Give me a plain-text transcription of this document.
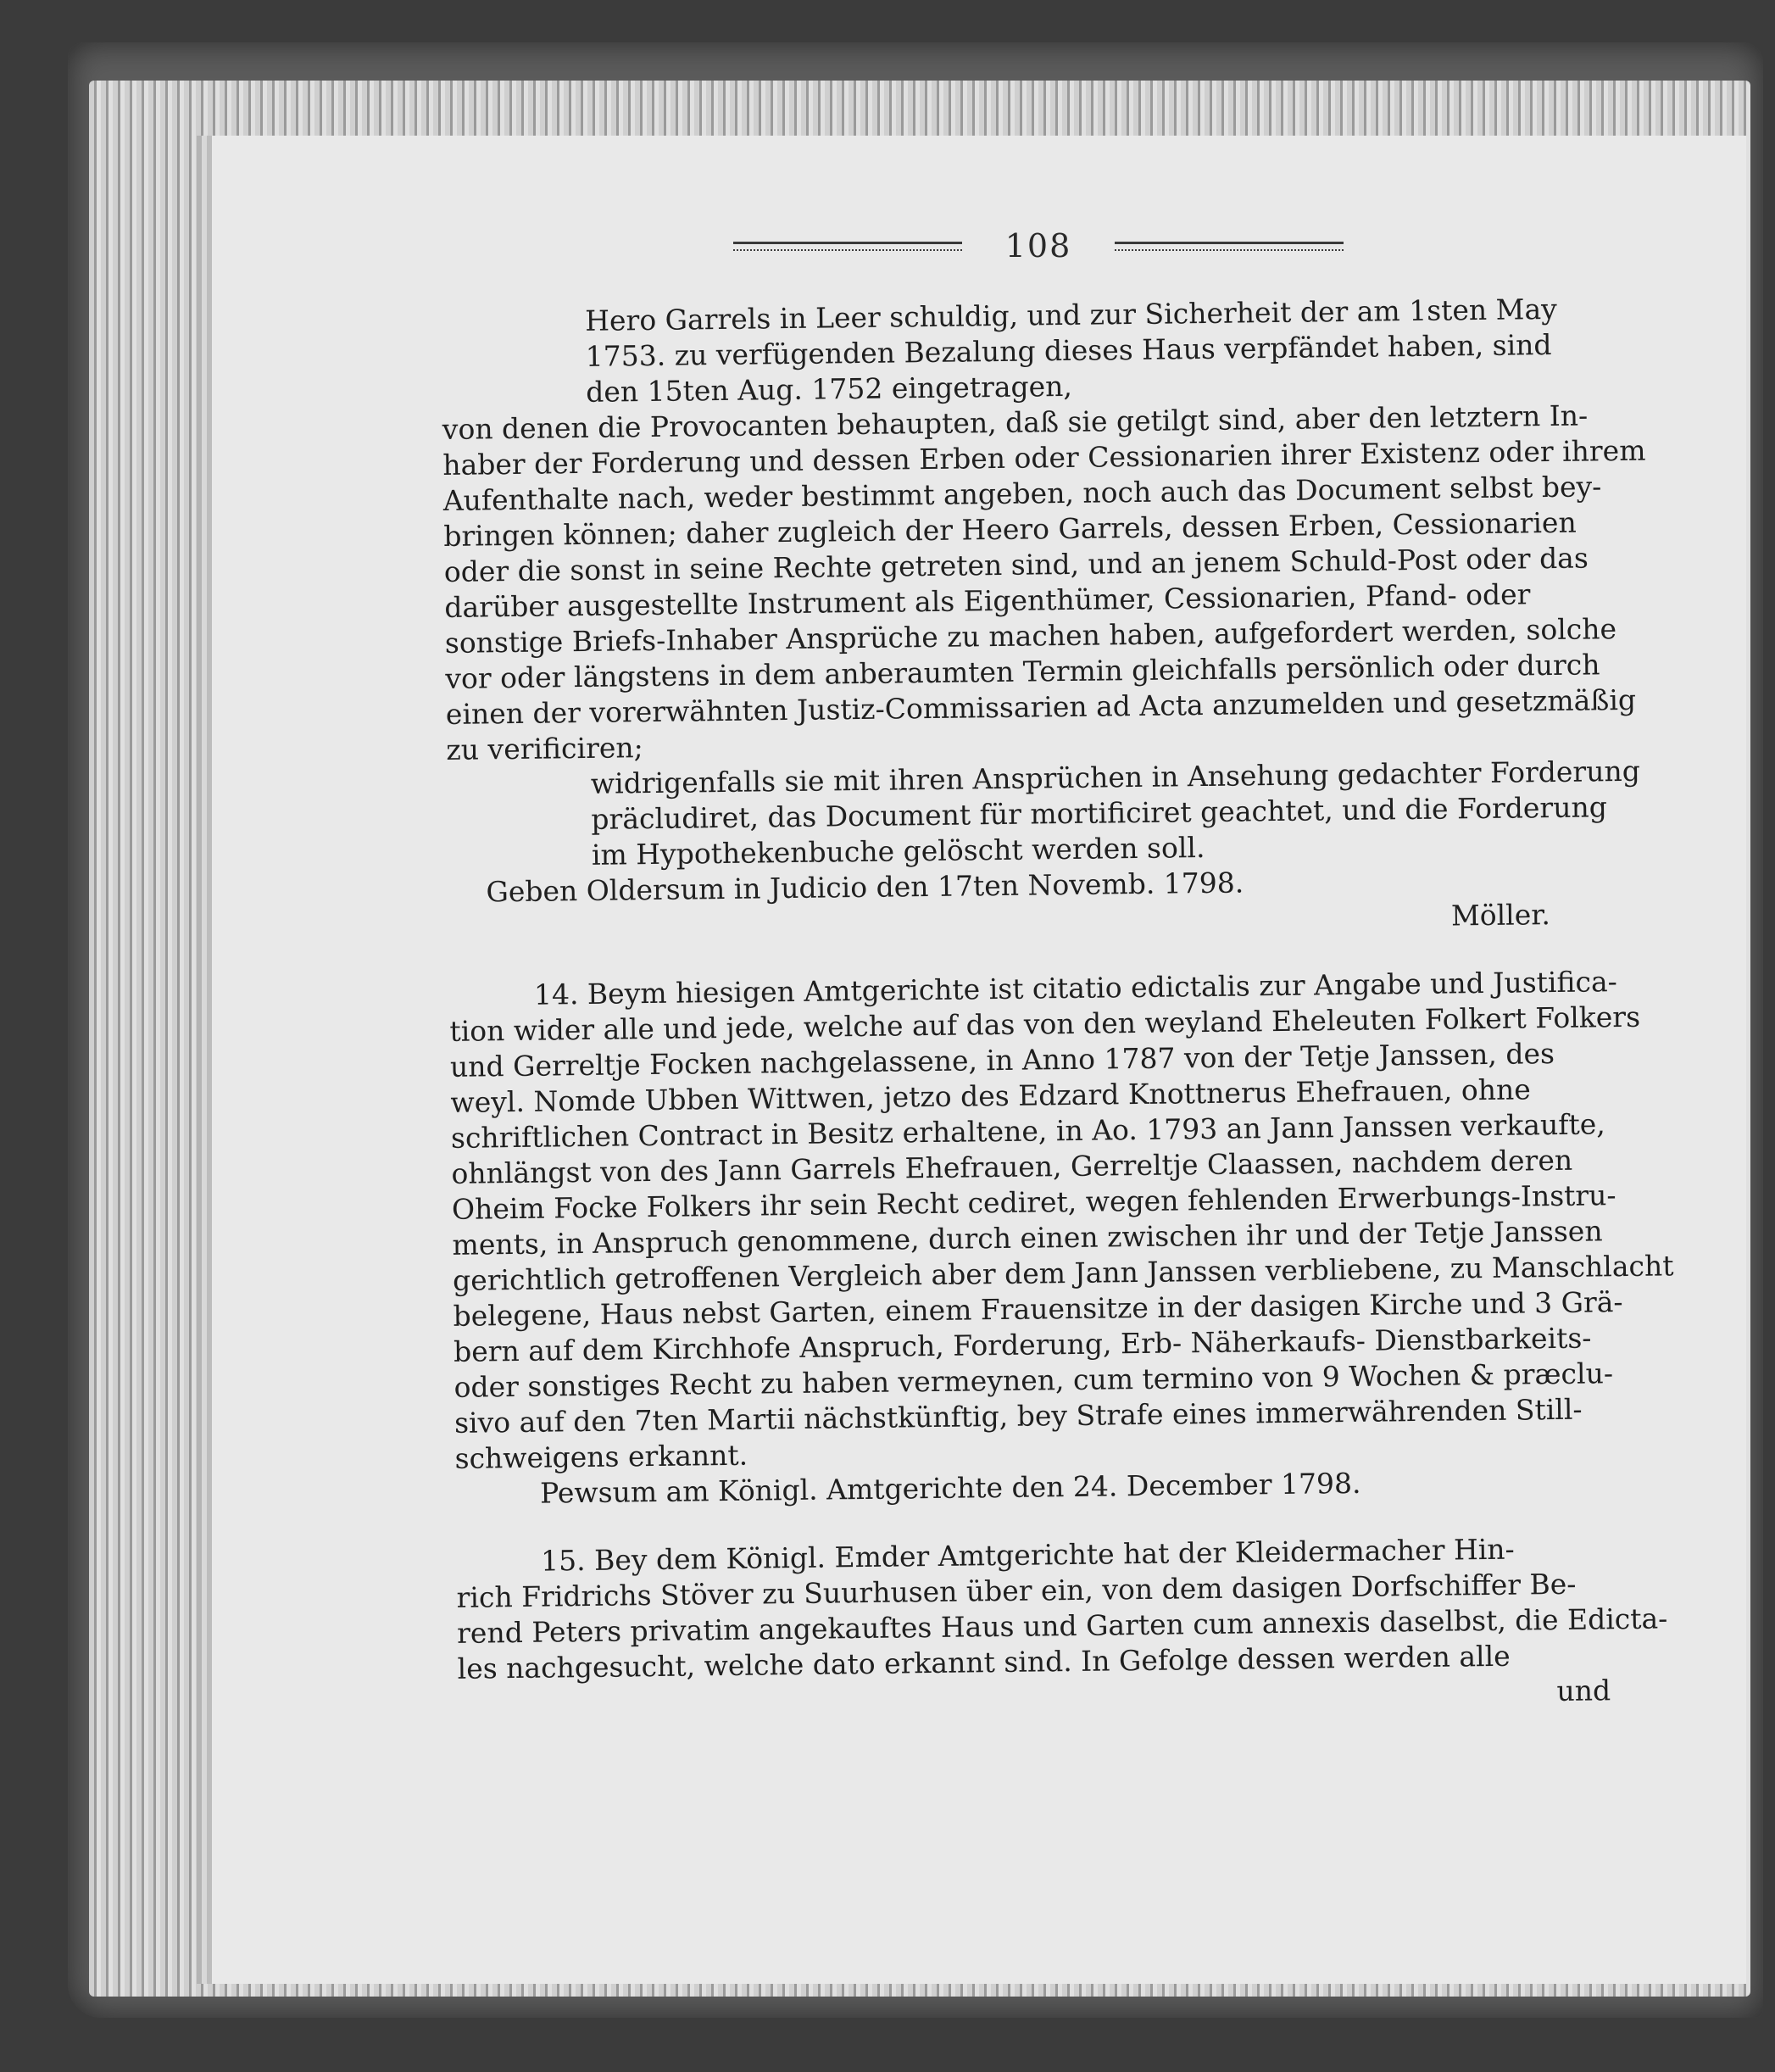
108
Hero Garrels in Leer schuldig, und zur Sicherheit der am 1sten May
1753. zu verfügenden Bezalung dieses Haus verpfändet haben, sind
den 15ten Aug. 1752 eingetragen,
von denen die Provocanten behaupten, daß sie getilgt sind, aber den letztern In-
haber der Forderung und dessen Erben oder Cessionarien ihrer Existenz oder ihrem
Aufenthalte nach, weder bestimmt angeben, noch auch das Document selbst bey-
bringen können; daher zugleich der Heero Garrels, dessen Erben, Cessionarien
oder die sonst in seine Rechte getreten sind, und an jenem Schuld-Post oder das
darüber ausgestellte Instrument als Eigenthümer, Cessionarien, Pfand- oder
sonstige Briefs-Inhaber Ansprüche zu machen haben, aufgefordert werden, solche
vor oder längstens in dem anberaumten Termin gleichfalls persönlich oder durch
einen der vorerwähnten Justiz-Commissarien ad Acta anzumelden und gesetzmäßig
zu verificiren;
widrigenfalls sie mit ihren Ansprüchen in Ansehung gedachter Forderung
präcludiret, das Document für mortificiret geachtet, und die Forderung
im Hypothekenbuche gelöscht werden soll.
Geben Oldersum in Judicio den 17ten Novemb. 1798.
Möller.
14. Beym hiesigen Amtgerichte ist citatio edictalis zur Angabe und Justifica-
tion wider alle und jede, welche auf das von den weyland Eheleuten Folkert Folkers
und Gerreltje Focken nachgelassene, in Anno 1787 von der Tetje Janssen, des
weyl. Nomde Ubben Wittwen, jetzo des Edzard Knottnerus Ehefrauen, ohne
schriftlichen Contract in Besitz erhaltene, in Ao. 1793 an Jann Janssen verkaufte,
ohnlängst von des Jann Garrels Ehefrauen, Gerreltje Claassen, nachdem deren
Oheim Focke Folkers ihr sein Recht cediret, wegen fehlenden Erwerbungs-Instru-
ments, in Anspruch genommene, durch einen zwischen ihr und der Tetje Janssen
gerichtlich getroffenen Vergleich aber dem Jann Janssen verbliebene, zu Manschlacht
belegene, Haus nebst Garten, einem Frauensitze in der dasigen Kirche und 3 Grä-
bern auf dem Kirchhofe Anspruch, Forderung, Erb- Näherkaufs- Dienstbarkeits-
oder sonstiges Recht zu haben vermeynen, cum termino von 9 Wochen & præclu-
sivo auf den 7ten Martii nächstkünftig, bey Strafe eines immerwährenden Still-
schweigens erkannt.
Pewsum am Königl. Amtgerichte den 24. December 1798.
15. Bey dem Königl. Emder Amtgerichte hat der Kleidermacher Hin-
rich Fridrichs Stöver zu Suurhusen über ein, von dem dasigen Dorfschiffer Be-
rend Peters privatim angekauftes Haus und Garten cum annexis daselbst, die Edicta-
les nachgesucht, welche dato erkannt sind. In Gefolge dessen werden alle
und
